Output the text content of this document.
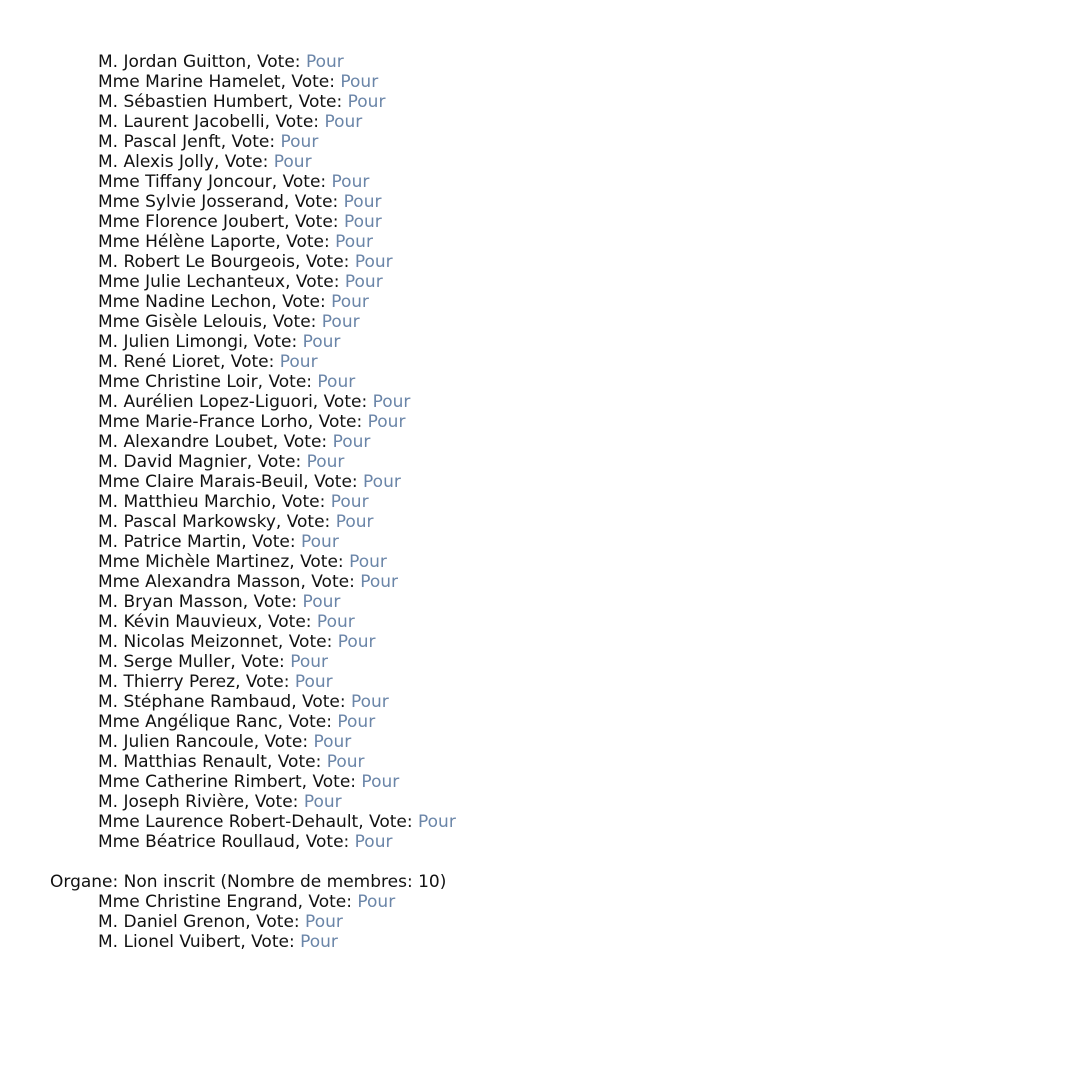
M. Jordan Guitton, Vote: Pour
Mme Marine Hamelet, Vote: Pour
M. Sébastien Humbert, Vote: Pour
M. Laurent Jacobelli, Vote: Pour
M. Pascal Jenft, Vote: Pour
M. Alexis Jolly, Vote: Pour
Mme Tiffany Joncour, Vote: Pour
Mme Sylvie Josserand, Vote: Pour
Mme Florence Joubert, Vote: Pour
Mme Hélène Laporte, Vote: Pour
M. Robert Le Bourgeois, Vote: Pour
Mme Julie Lechanteux, Vote: Pour
Mme Nadine Lechon, Vote: Pour
Mme Gisèle Lelouis, Vote: Pour
M. Julien Limongi, Vote: Pour
M. René Lioret, Vote: Pour
Mme Christine Loir, Vote: Pour
M. Aurélien Lopez-Liguori, Vote: Pour
Mme Marie-France Lorho, Vote: Pour
M. Alexandre Loubet, Vote: Pour
M. David Magnier, Vote: Pour
Mme Claire Marais-Beuil, Vote: Pour
M. Matthieu Marchio, Vote: Pour
M. Pascal Markowsky, Vote: Pour
M. Patrice Martin, Vote: Pour
Mme Michèle Martinez, Vote: Pour
Mme Alexandra Masson, Vote: Pour
M. Bryan Masson, Vote: Pour
M. Kévin Mauvieux, Vote: Pour
M. Nicolas Meizonnet, Vote: Pour
M. Serge Muller, Vote: Pour
M. Thierry Perez, Vote: Pour
M. Stéphane Rambaud, Vote: Pour
Mme Angélique Ranc, Vote: Pour
M. Julien Rancoule, Vote: Pour
M. Matthias Renault, Vote: Pour
Mme Catherine Rimbert, Vote: Pour
M. Joseph Rivière, Vote: Pour
Mme Laurence Robert-Dehault, Vote: Pour
Mme Béatrice Roullaud, Vote: Pour
Organe: Non inscrit (Nombre de membres: 10)
Mme Christine Engrand, Vote: Pour
M. Daniel Grenon, Vote: Pour
M. Lionel Vuibert, Vote: Pour
